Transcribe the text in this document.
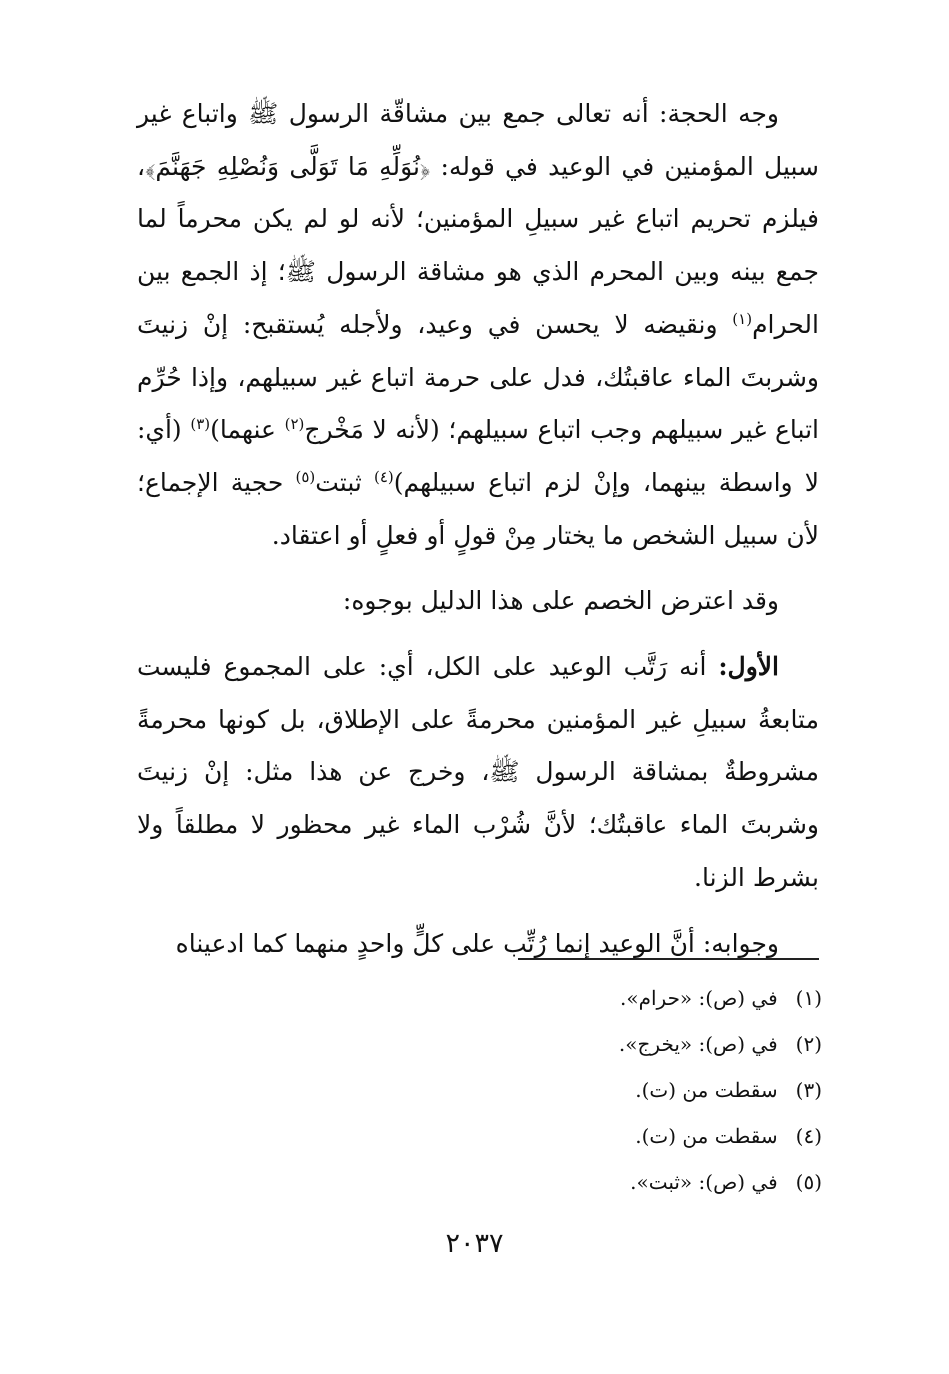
وجه الحجة: أنه تعالى جمع بين مشاقّة الرسول ﷺ واتباع غير سبيل المؤمنين في الوعيد في قوله: ﴿نُوَلِّهِ مَا تَوَلَّى وَنُصْلِهِ جَهَنَّمَ﴾، فيلزم تحريم اتباع غير سبيلِ المؤمنين؛ لأنه لو لم يكن محرماً لما جمع بينه وبين المحرم الذي هو مشاقة الرسول ﷺ؛ إذ الجمع بين الحرام$^{(١)}$ ونقيضه لا يحسن في وعيد، ولأجله يُستقبح: إنْ زنيتَ وشربتَ الماء عاقبتُك، فدل على حرمة اتباع غير سبيلهم، وإذا حُرِّم اتباع غير سبيلهم وجب اتباع سبيلهم؛ (لأنه لا مَخْرج$^{(٢)}$ عنهما)$^{(٣)}$ (أي: لا واسطة بينهما، وإنْ لزم اتباع سبيلهم)$^{(٤)}$ ثبتت$^{(٥)}$ حجية الإجماع؛ لأن سبيل الشخص ما يختار مِنْ قولٍ أو فعلٍ أو اعتقاد.

وقد اعترض الخصم على هذا الدليل بوجوه:

الأول: أنه رَتَّب الوعيد على الكل، أي: على المجموع فليست متابعةُ سبيلِ غير المؤمنين محرمةً على الإطلاق، بل كونها محرمةً مشروطةٌ بمشاقة الرسول ﷺ، وخرج عن هذا مثل: إنْ زنيتَ وشربتَ الماء عاقبتُك؛ لأنَّ شُرْب الماء غير محظور لا مطلقاً ولا بشرط الزنا.

وجوابه: أنَّ الوعيد إنما رُتِّب على كلٍّ واحدٍ منهما كما ادعيناه

(١) في (ص): «حرام».
(٢) في (ص): «يخرج».
(٣) سقطت من (ت).
(٤) سقطت من (ت).
(٥) في (ص): «ثبت».
٢٠٣٧
